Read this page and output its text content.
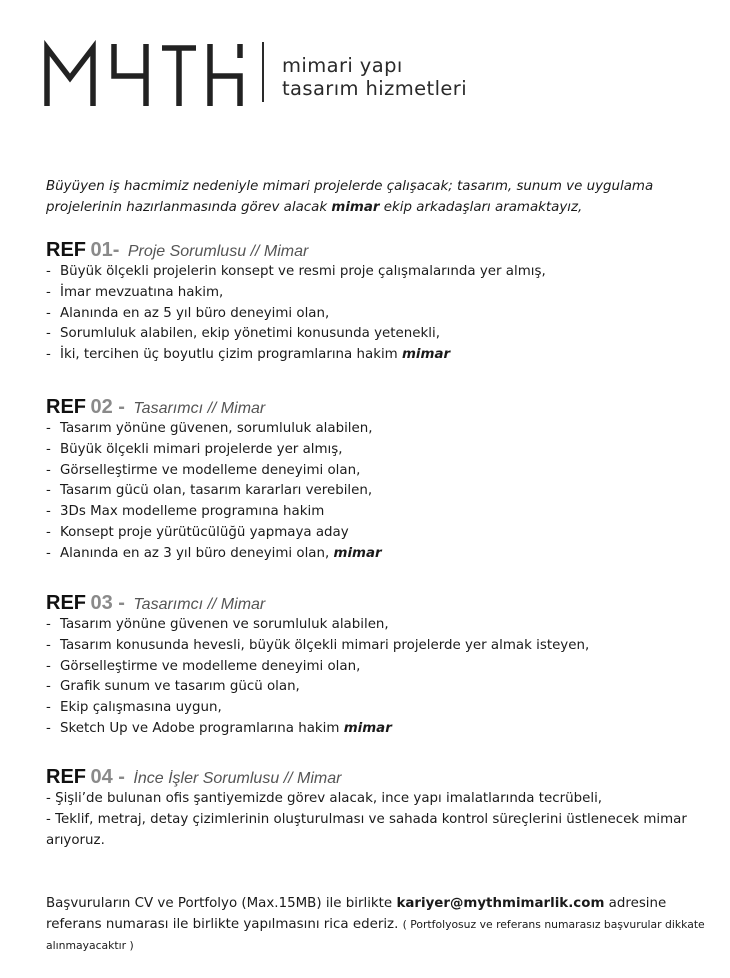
mimari yapı
tasarım hizmetleri
Büyüyen iş hacmimiz nedeniyle mimari projelerde çalışacak; tasarım, sunum ve uygulama projelerinin hazırlanmasında görev alacak mimar ekip arkadaşları aramaktayız,
REF 01- Proje Sorumlusu // Mimar
- Büyük ölçekli projelerin konsept ve resmi proje çalışmalarında yer almış,
- İmar mevzuatına hakim,
- Alanında en az 5 yıl büro deneyimi olan,
- Sorumluluk alabilen, ekip yönetimi konusunda yetenekli,
- İki, tercihen üç boyutlu çizim programlarına hakim mimar
REF 02 - Tasarımcı // Mimar
- Tasarım yönüne güvenen, sorumluluk alabilen,
- Büyük ölçekli mimari projelerde yer almış,
- Görselleştirme ve modelleme deneyimi olan,
- Tasarım gücü olan, tasarım kararları verebilen,
- 3Ds Max modelleme programına hakim
- Konsept proje yürütücülüğü yapmaya aday
- Alanında en az 3 yıl büro deneyimi olan, mimar
REF 03 - Tasarımcı // Mimar
- Tasarım yönüne güvenen ve sorumluluk alabilen,
- Tasarım konusunda hevesli, büyük ölçekli mimari projelerde yer almak isteyen,
- Görselleştirme ve modelleme deneyimi olan,
- Grafik sunum ve tasarım gücü olan,
- Ekip çalışmasına uygun,
- Sketch Up ve Adobe programlarına hakim mimar
REF 04 - İnce İşler Sorumlusu // Mimar
- Şişli’de bulunan ofis şantiyemizde görev alacak, ince yapı imalatlarında tecrübeli,
- Teklif, metraj, detay çizimlerinin oluşturulması ve sahada kontrol süreçlerini üstlenecek mimar arıyoruz.
Başvuruların CV ve Portfolyo (Max.15MB) ile birlikte kariyer@mythmimarlik.com adresine referans numarası ile birlikte yapılmasını rica ederiz. ( Portfolyosuz ve referans numarasız başvurular dikkate alınmayacaktır )
